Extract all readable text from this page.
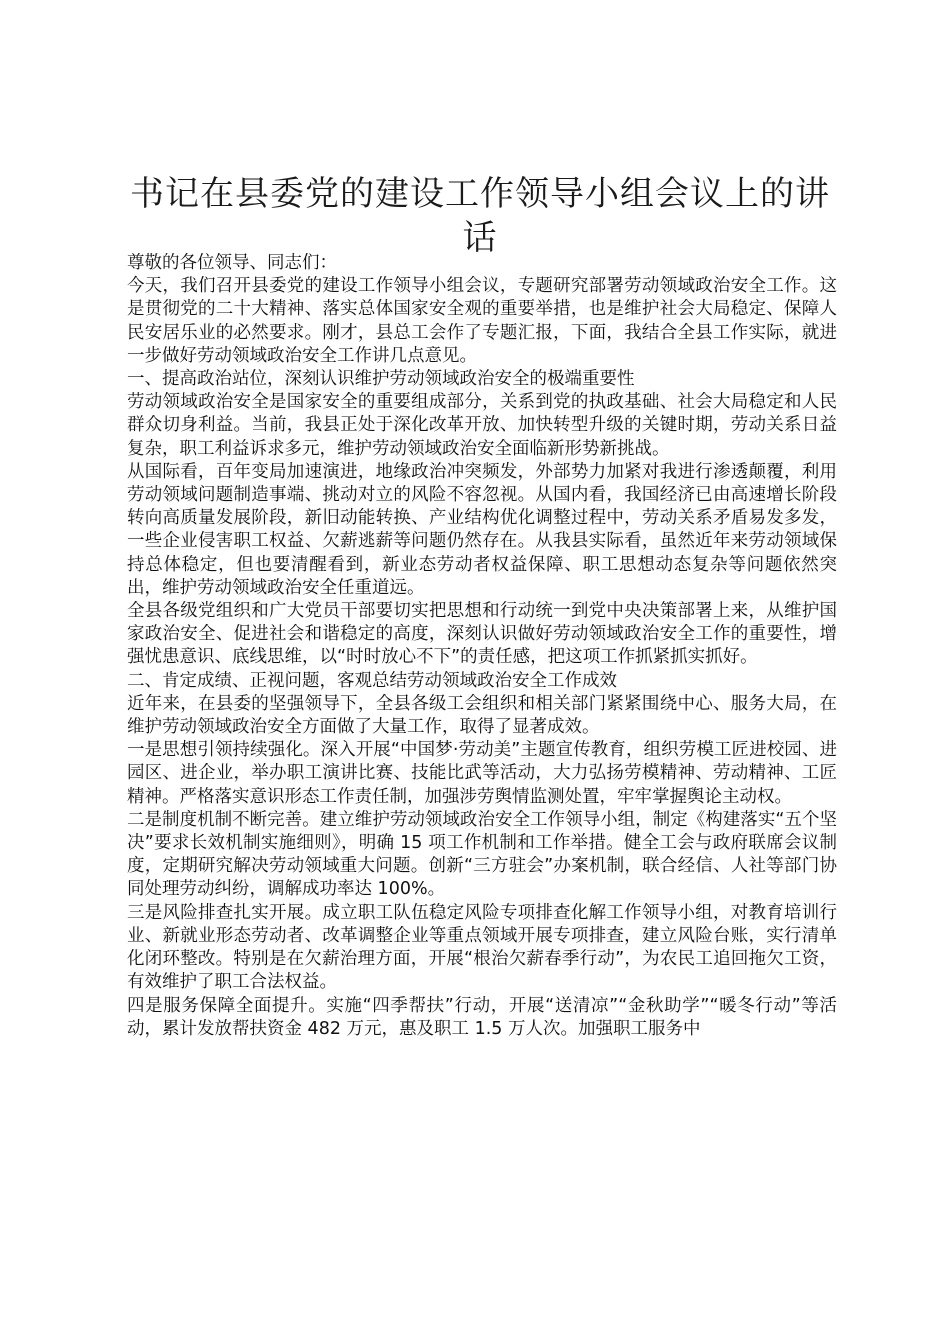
书记在县委党的建设工作领导小组会议上的讲话

尊敬的各位领导、同志们：

今天，我们召开县委党的建设工作领导小组会议，专题研究部署劳动领域政治安全工作。这是贯彻党的二十大精神、落实总体国家安全观的重要举措，也是维护社会大局稳定、保障人民安居乐业的必然要求。刚才，县总工会作了专题汇报，下面，我结合全县工作实际，就进一步做好劳动领域政治安全工作讲几点意见。

一、提高政治站位，深刻认识维护劳动领域政治安全的极端重要性

劳动领域政治安全是国家安全的重要组成部分，关系到党的执政基础、社会大局稳定和人民群众切身利益。当前，我县正处于深化改革开放、加快转型升级的关键时期，劳动关系日益复杂，职工利益诉求多元，维护劳动领域政治安全面临新形势新挑战。

从国际看，百年变局加速演进，地缘政治冲突频发，外部势力加紧对我进行渗透颠覆，利用劳动领域问题制造事端、挑动对立的风险不容忽视。从国内看，我国经济已由高速增长阶段转向高质量发展阶段，新旧动能转换、产业结构优化调整过程中，劳动关系矛盾易发多发，一些企业侵害职工权益、欠薪逃薪等问题仍然存在。从我县实际看，虽然近年来劳动领域保持总体稳定，但也要清醒看到，新业态劳动者权益保障、职工思想动态复杂等问题依然突出，维护劳动领域政治安全任重道远。

全县各级党组织和广大党员干部要切实把思想和行动统一到党中央决策部署上来，从维护国家政治安全、促进社会和谐稳定的高度，深刻认识做好劳动领域政治安全工作的重要性，增强忧患意识、底线思维，以“时时放心不下”的责任感，把这项工作抓紧抓实抓好。

二、肯定成绩、正视问题，客观总结劳动领域政治安全工作成效

近年来，在县委的坚强领导下，全县各级工会组织和相关部门紧紧围绕中心、服务大局，在维护劳动领域政治安全方面做了大量工作，取得了显著成效。

一是思想引领持续强化。深入开展“中国梦·劳动美”主题宣传教育，组织劳模工匠进校园、进园区、进企业，举办职工演讲比赛、技能比武等活动，大力弘扬劳模精神、劳动精神、工匠精神。严格落实意识形态工作责任制，加强涉劳舆情监测处置，牢牢掌握舆论主动权。

二是制度机制不断完善。建立维护劳动领域政治安全工作领导小组，制定《构建落实“五个坚决”要求长效机制实施细则》，明确 15 项工作机制和工作举措。健全工会与政府联席会议制度，定期研究解决劳动领域重大问题。创新“三方驻会”办案机制，联合经信、人社等部门协同处理劳动纠纷，调解成功率达 100%。

三是风险排查扎实开展。成立职工队伍稳定风险专项排查化解工作领导小组，对教育培训行业、新就业形态劳动者、改革调整企业等重点领域开展专项排查，建立风险台账，实行清单化闭环整改。特别是在欠薪治理方面，开展“根治欠薪春季行动”，为农民工追回拖欠工资，有效维护了职工合法权益。

四是服务保障全面提升。实施“四季帮扶”行动，开展“送清凉”“金秋助学”“暖冬行动”等活动，累计发放帮扶资金 482 万元，惠及职工 1.5 万人次。加强职工服务中
